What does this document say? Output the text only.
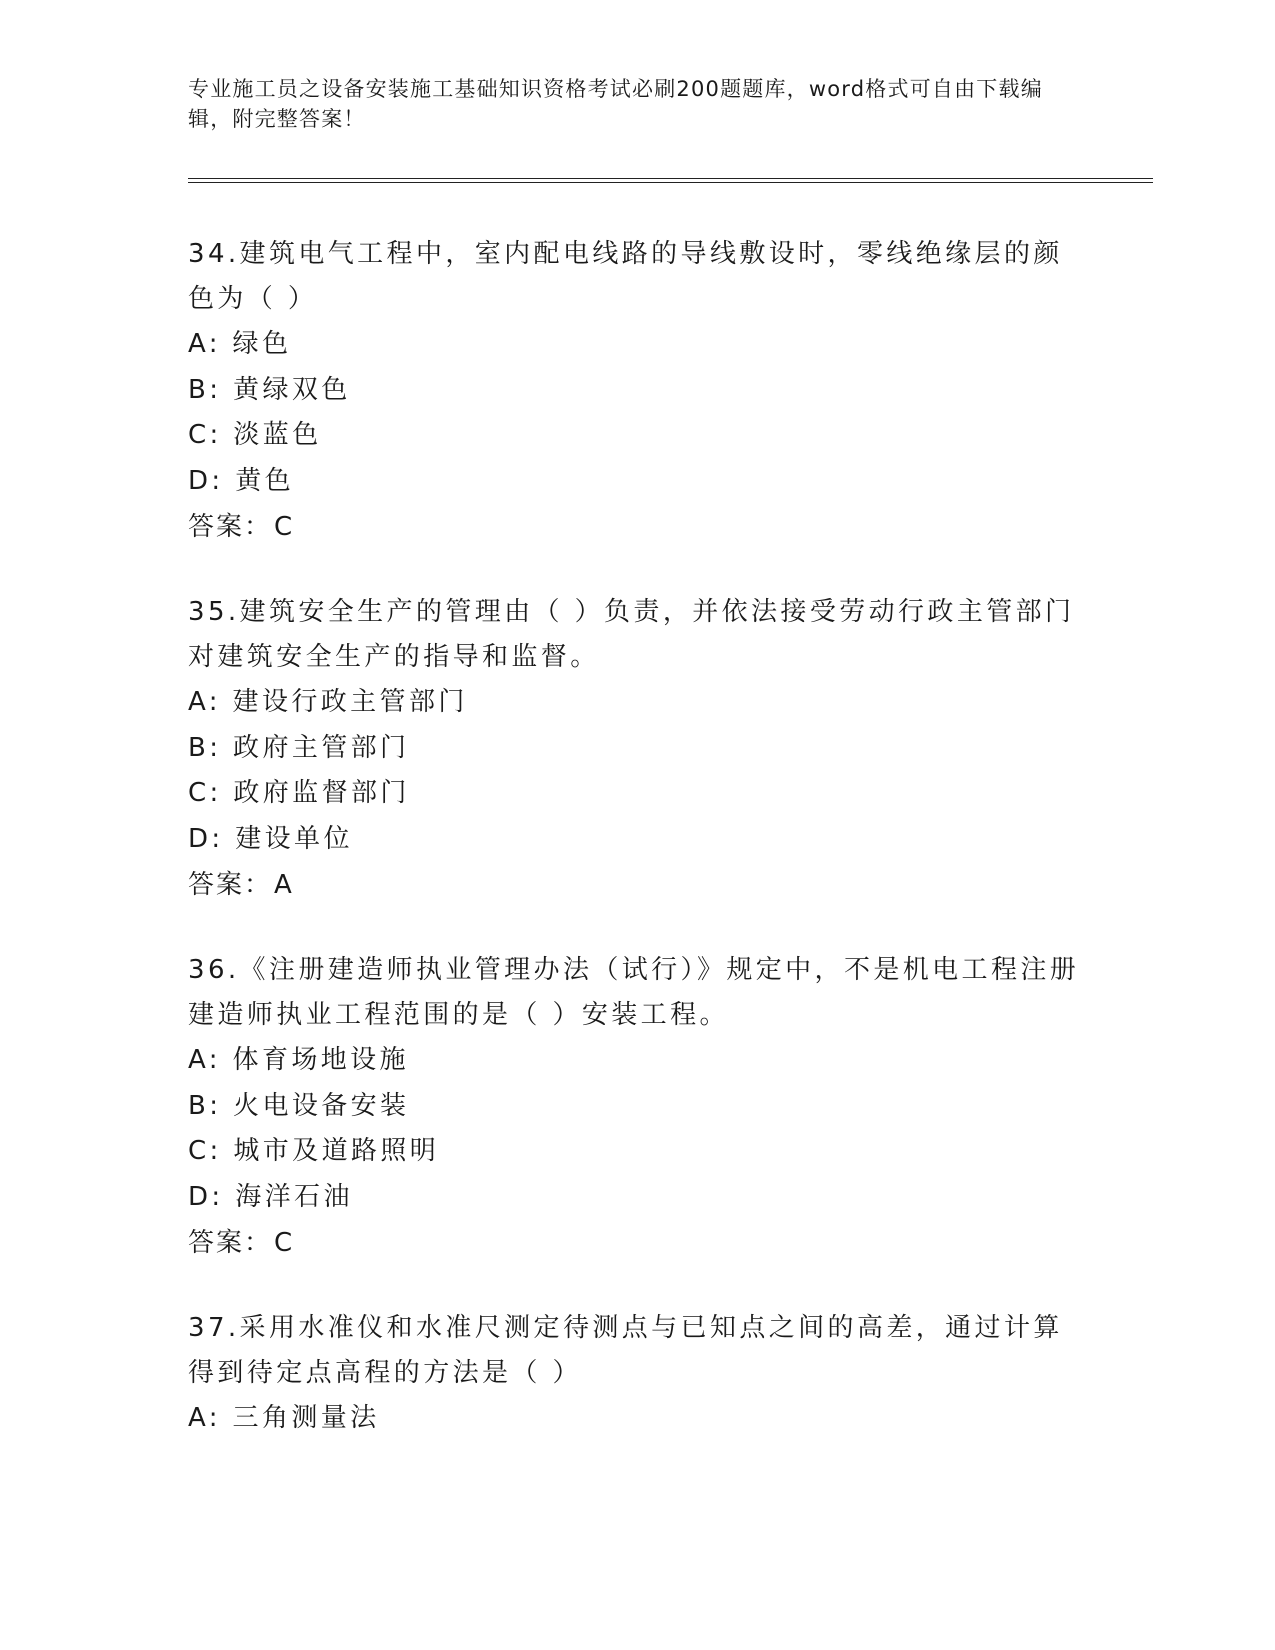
专业施工员之设备安装施工基础知识资格考试必刷200题题库，word格式可自由下载编辑，附完整答案！

34.建筑电气工程中，室内配电线路的导线敷设时，零线绝缘层的颜色为（ ）

A: 绿色

B: 黄绿双色

C: 淡蓝色

D: 黄色

答案：C

35.建筑安全生产的管理由（ ）负责，并依法接受劳动行政主管部门对建筑安全生产的指导和监督。

A: 建设行政主管部门

B: 政府主管部门

C: 政府监督部门

D: 建设单位

答案：A

36.《注册建造师执业管理办法（试行）》规定中，不是机电工程注册建造师执业工程范围的是（ ）安装工程。

A: 体育场地设施

B: 火电设备安装

C: 城市及道路照明

D: 海洋石油

答案：C

37.采用水准仪和水准尺测定待测点与已知点之间的高差，通过计算得到待定点高程的方法是（ ）

A: 三角测量法
